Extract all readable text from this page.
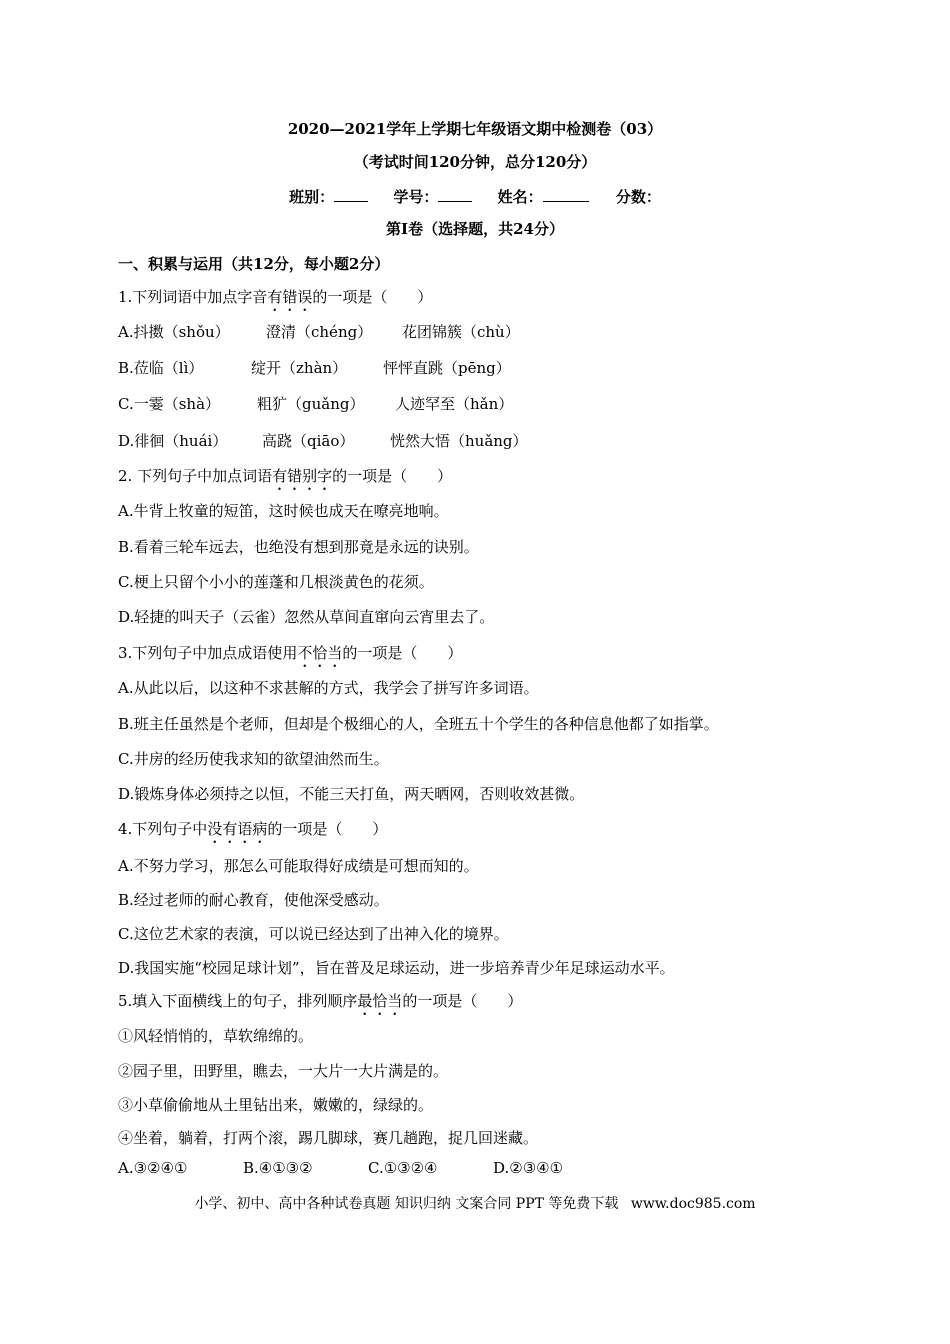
2020—2021学年上学期七年级语文期中检测卷（03）
（考试时间120分钟，总分120分）
班别：	学号：	姓名：	分数：
第Ⅰ卷（选择题，共24分）
一、积累与运用（共12分，每小题2分）
1.下列词语中加点字音有错误的一项是（　　）
A.抖擞（shǒu） 澄清（chéng） 花团锦簇（chù）
B.莅临（lì）	绽开（zhàn） 怦怦直跳（pēng）
C.一霎（shà） 粗犷（guǎng） 人迹罕至（hǎn）
D.徘徊（huái） 高跷（qiāo） 恍然大悟（huǎng）
2. 下列句子中加点词语有错别字的一项是（　　）
A.牛背上牧童的短笛，这时候也成天在嘹亮地响。
B.看着三轮车远去，也绝没有想到那竟是永远的诀别。
C.梗上只留个小小的莲蓬和几根淡黄色的花须。
D.轻捷的叫天子（云雀）忽然从草间直窜向云宵里去了。
3.下列句子中加点成语使用不恰当的一项是（　　）
A.从此以后，以这种不求甚解的方式，我学会了拼写许多词语。
B.班主任虽然是个老师，但却是个极细心的人，全班五十个学生的各种信息他都了如指掌。
C.井房的经历使我求知的欲望油然而生。
D.锻炼身体必须持之以恒，不能三天打鱼，两天晒网，否则收效甚微。
4.下列句子中没有语病的一项是（　　）
A.不努力学习，那怎么可能取得好成绩是可想而知的。
B.经过老师的耐心教育，使他深受感动。
C.这位艺术家的表演，可以说已经达到了出神入化的境界。
D.我国实施“校园足球计划”，旨在普及足球运动，进一步培养青少年足球运动水平。
5.填入下面横线上的句子，排列顺序最恰当的一项是（　　）
①风轻悄悄的，草软绵绵的。
②园子里，田野里，瞧去，一大片一大片满是的。
③小草偷偷地从土里钻出来，嫩嫩的，绿绿的。
④坐着，躺着，打两个滚，踢几脚球，赛几趟跑，捉几回迷藏。
A.③②④①	B.④①③②	C.①③②④	D.②③④①
小学、初中、高中各种试卷真题 知识归纳 文案合同 PPT 等免费下载 www.doc985.com
